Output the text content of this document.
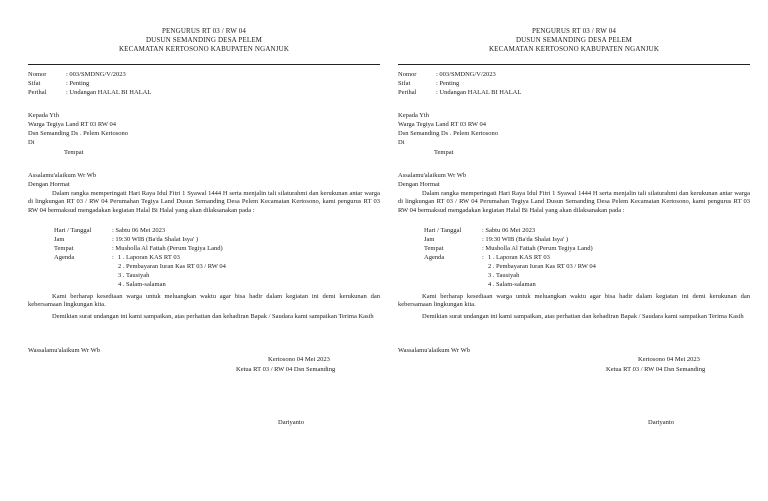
PENGURUS RT 03 / RW 04
DUSUN SEMANDING DESA PELEM
KECAMATAN KERTOSONO KABUPATEN NGANJUK
Nomor	: 003/SMDNG/V/2023
Sifat	: Penting
Perihal	: Undangan HALAL BI HALAL
Kepada Yth
Warga Tegiya Land RT 03 RW 04
Dsn Semanding Ds . Pelem Kertosono
Di
Tempat
Assalamu'alaikum Wr Wb
Dengan Hormat
Dalam rangka memperingati Hari Raya Idul Fitri 1 Syawal 1444 H serta menjalin tali silaturahmi dan kerukunan antar warga di lingkungan RT 03 / RW 04 Perumahan Tegiya Land Dusun Semanding Desa Pelem Kecamatan Kertosono, kami pengurus RT 03 RW 04 bermaksud mengadakan kegiatan Halal Bi Halal yang akan dilaksanakan pada :
Hari / Tanggal	: Sabtu 06 Mei 2023
Jam	: 19:30 WIB (Ba'da Shalat Isya' )
Tempat	: Musholla Al Fattah (Perum Tegiya Land)
Agenda	: 1 . Laporan KAS RT 03
2 . Pembayaran Iuran Kas RT 03 / RW 04
3 . Tausiyah
4 . Salam-salaman
Kami berharap kesediaan warga untuk meluangkan waktu agar bisa hadir dalam kegiatan ini demi kerukunan dan kebersamaan lingkungan kita.
Demikian surat undangan ini kami sampaikan, atas perhatian dan kehadiran Bapak / Saudara kami sampaikan Terima Kasih
Wassalamu'alaikum Wr Wb
Kertosono 04 Mei 2023
Ketua RT 03 / RW 04 Dsn Semanding
Dariyanto
PENGURUS RT 03 / RW 04
DUSUN SEMANDING DESA PELEM
KECAMATAN KERTOSONO KABUPATEN NGANJUK
Nomor	: 003/SMDNG/V/2023
Sifat	: Penting
Perihal	: Undangan HALAL BI HALAL
Kepada Yth
Warga Tegiya Land RT 03 RW 04
Dsn Semanding Ds . Pelem Kertosono
Di
Tempat
Assalamu'alaikum Wr Wb
Dengan Hormat
Dalam rangka memperingati Hari Raya Idul Fitri 1 Syawal 1444 H serta menjalin tali silaturahmi dan kerukunan antar warga di lingkungan RT 03 / RW 04 Perumahan Tegiya Land Dusun Semanding Desa Pelem Kecamatan Kertosono, kami pengurus RT 03 RW 04 bermaksud mengadakan kegiatan Halal Bi Halal yang akan dilaksanakan pada :
Hari / Tanggal	: Sabtu 06 Mei 2023
Jam	: 19:30 WIB (Ba'da Shalat Isya' )
Tempat	: Musholla Al Fattah (Perum Tegiya Land)
Agenda	: 1 . Laporan KAS RT 03
2 . Pembayaran Iuran Kas RT 03 / RW 04
3 . Tausiyah
4 . Salam-salaman
Kami berharap kesediaan warga untuk meluangkan waktu agar bisa hadir dalam kegiatan ini demi kerukunan dan kebersamaan lingkungan kita.
Demikian surat undangan ini kami sampaikan, atas perhatian dan kehadiran Bapak / Saudara kami sampaikan Terima Kasih
Wassalamu'alaikum Wr Wb
Kertosono 04 Mei 2023
Ketua RT 03 / RW 04 Dsn Semanding
Dariyanto
